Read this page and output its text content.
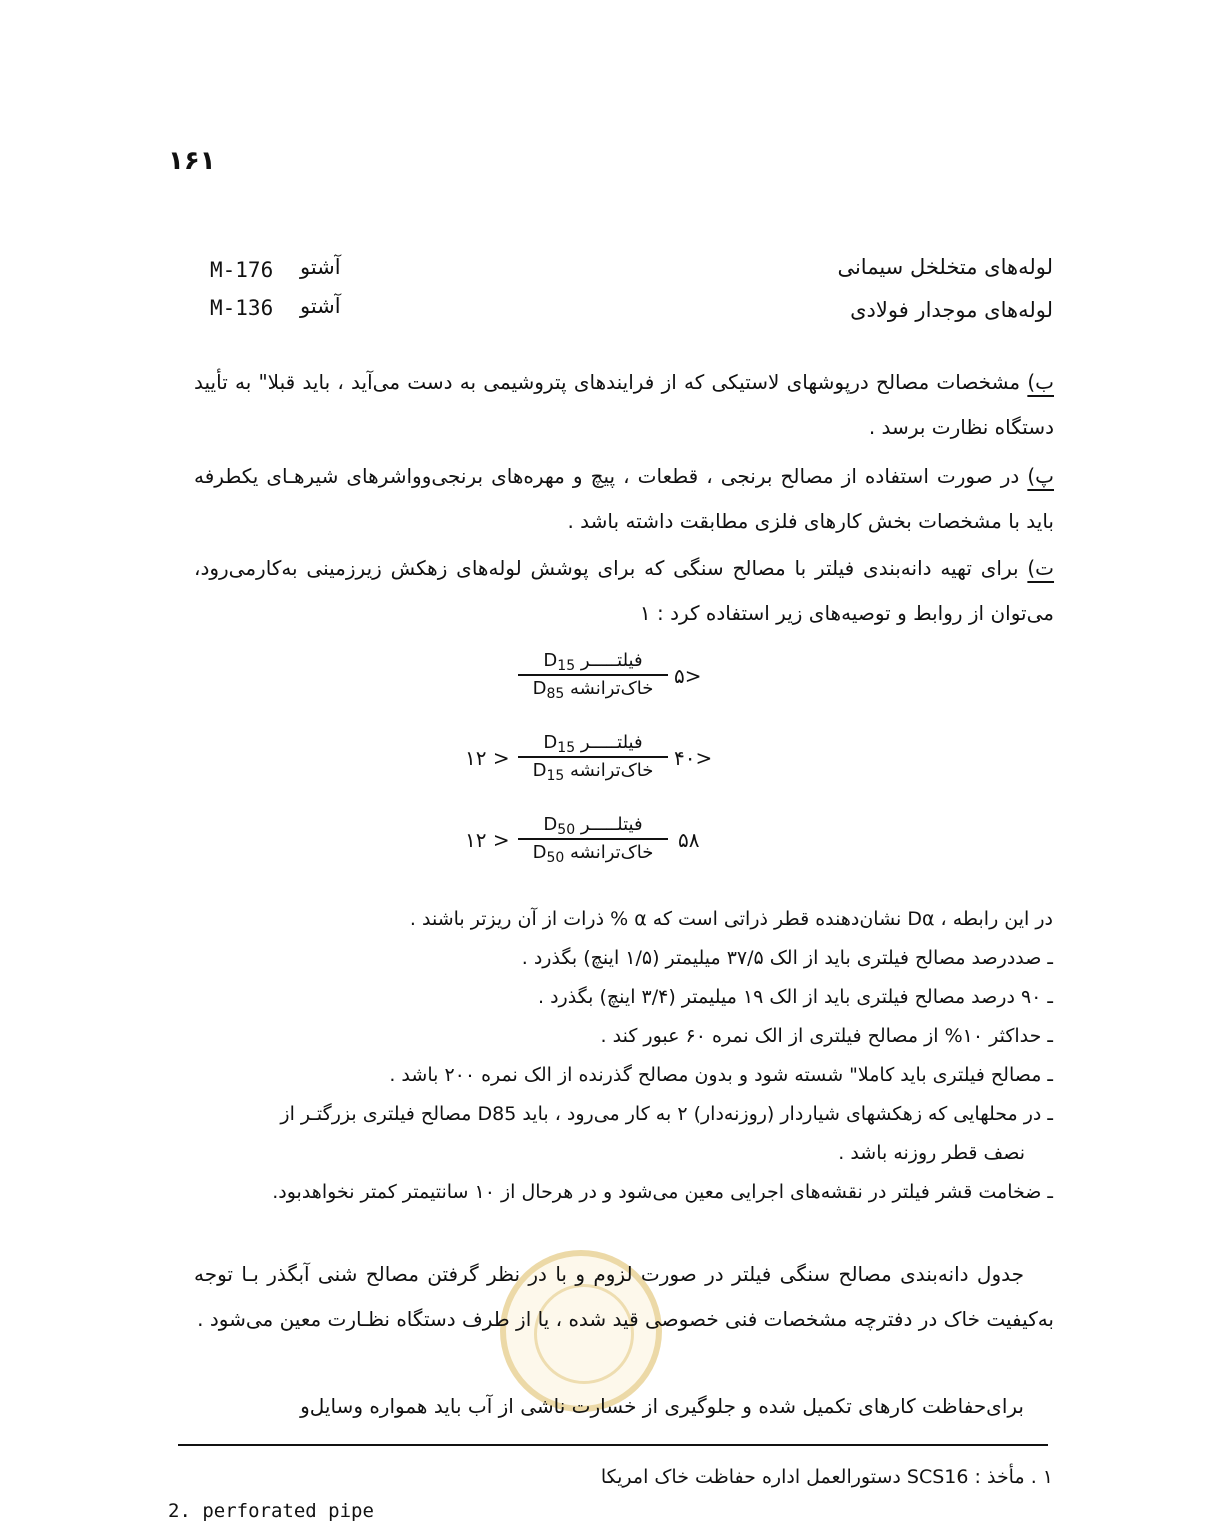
۱۶۱
لوله‌های متخلخل سیمانی
آشتو
M-176
لوله‌های موجدار فولادی
آشتو
M-136
ب) مشخصات مصالح درپوشهای لاستیکی که از فرایندهای پتروشیمی به دست می‌آید ، باید قبلا" به تأیید دستگاه نظارت برسد .
پ) در صورت استفاده از مصالح برنجی ، قطعات ، پیچ و مهره‌های برنجی‌وواشرهای شیرهـای یکطرفه باید با مشخصات بخش کارهای فلزی مطابقت داشته باشد .
ت) برای تهیه دانه‌بندی فیلتر با مصالح سنگی که برای پوشش لوله‌های زهکش زیرزمینی به‌کار‌می‌رود، می‌توان از روابط و توصیه‌های زیر استفاده کرد : ۱
فیلتـــــر $D_{15}$
خاک‌ترانشه $D_{85}$
۵>
۱۲ >
فیلتـــــر $D_{15}$
خاک‌ترانشه $D_{15}$
۴۰>
۱۲ >
فیتلـــــر $D_{50}$
خاک‌ترانشه $D_{50}$
۵۸
در این رابطه ، Dα نشان‌دهنده قطر ذراتی است که α % ذرات از آن ریزتر باشند .
ـ صددرصد مصالح فیلتری باید از الک ۳۷/۵ میلیمتر (۱/۵ اینچ) بگذرد .
ـ ۹۰ درصد مصالح فیلتری باید از الک ۱۹ میلیمتر (۳/۴ اینچ) بگذرد .
ـ حداکثر ۱۰% از مصالح فیلتری از الک نمره ۶۰ عبور کند .
ـ مصالح فیلتری باید کاملا" شسته شود و بدون مصالح گذرنده از الک نمره ۲۰۰ باشد .
ـ در محلهایی که زهکشهای شیاردار (روزنه‌دار) ۲ به کار می‌رود ، باید D85 مصالح فیلتری بزرگتـر از
نصف قطر روزنه باشد .
ـ ضخامت قشر فیلتر در نقشه‌های اجرایی معین می‌شود و در هرحال از ۱۰ سانتیمتر کمتر نخواهدبود.
جدول دانه‌بندی مصالح سنگی فیلتر در صورت لزوم و با در نظر گرفتن مصالح شنی آبگذر بـا توجه به‌کیفیت خاک در دفترچه مشخصات فنی خصوصی قید شده ، یا از طرف دستگاه نظـارت معین می‌شود .
برای‌حفاظت کارهای تکمیل شده و جلوگیری از خسارت ناشی از آب باید همواره وسایل‌و
۱ . مأخذ : SCS16 دستورالعمل اداره حفاظت خاک امریکا
2. perforated pipe
